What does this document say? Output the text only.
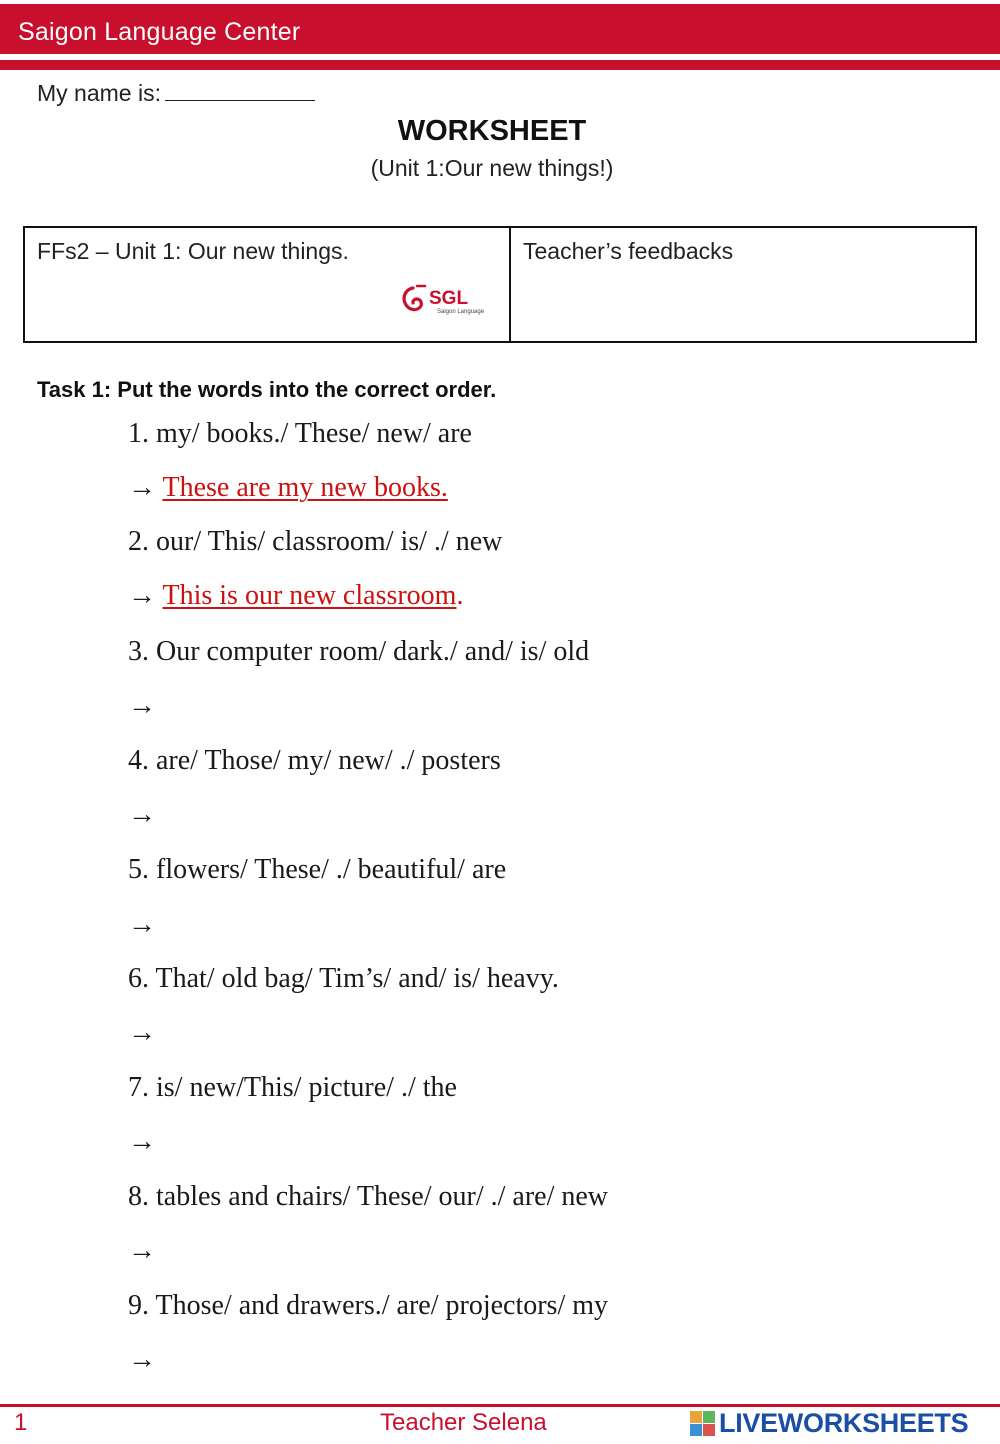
Saigon Language Center
My name is:
WORKSHEET
(Unit 1:Our new things!)
FFs2 – Unit 1: Our new things.
SGL
Saigon Language
Teacher’s feedbacks
Task 1: Put the words into the correct order.
1. my/ books./ These/ new/ are
→ These are my new books.
2. our/ This/ classroom/ is/ ./ new
→ This is our new classroom.
3. Our computer room/ dark./ and/ is/ old
→
4. are/ Those/ my/ new/ ./ posters
→
5. flowers/ These/ ./ beautiful/ are
→
6. That/ old bag/ Tim’s/ and/ is/ heavy.
→
7. is/ new/This/ picture/ ./ the
→
8. tables and chairs/ These/ our/ ./ are/ new
→
9. Those/ and drawers./ are/ projectors/ my
→
1	Teacher Selena	LIVEWORKSHEETS
